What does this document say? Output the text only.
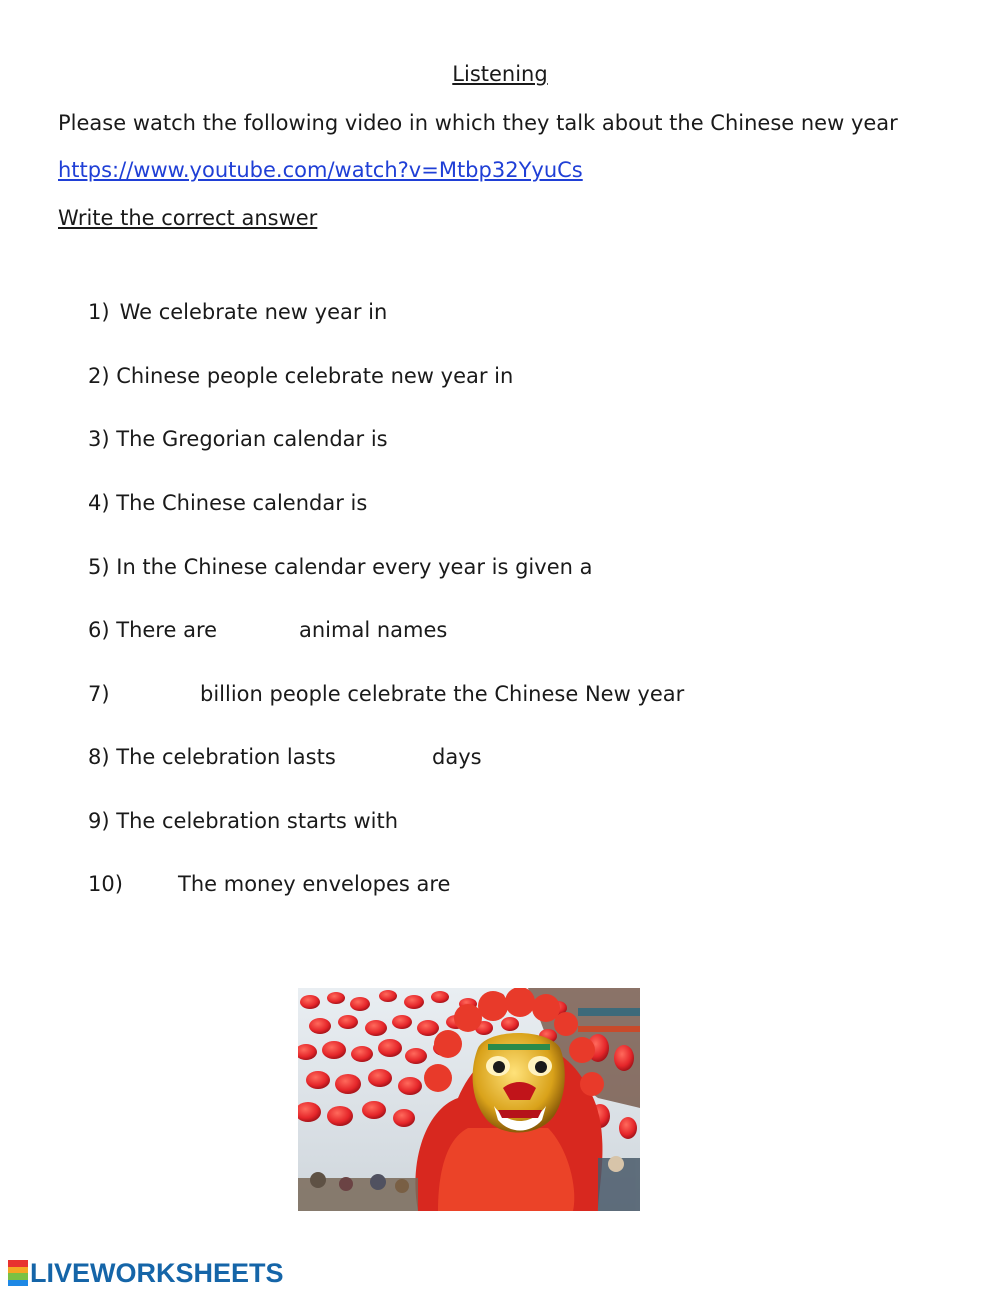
Listening
Please watch the following video in which they talk about the Chinese new year
https://www.youtube.com/watch?v=Mtbp32YyuCs
Write the correct answer
1) We celebrate new year in
2) Chinese people celebrate new year in
3) The Gregorian calendar is
4) The Chinese calendar is
5) In the Chinese calendar every year is given a
6) There are	animal names
7)	billion people celebrate the Chinese New year
8) The celebration lasts	days
9) The celebration starts with
10)	The money envelopes are
LIVEWORKSHEETS
